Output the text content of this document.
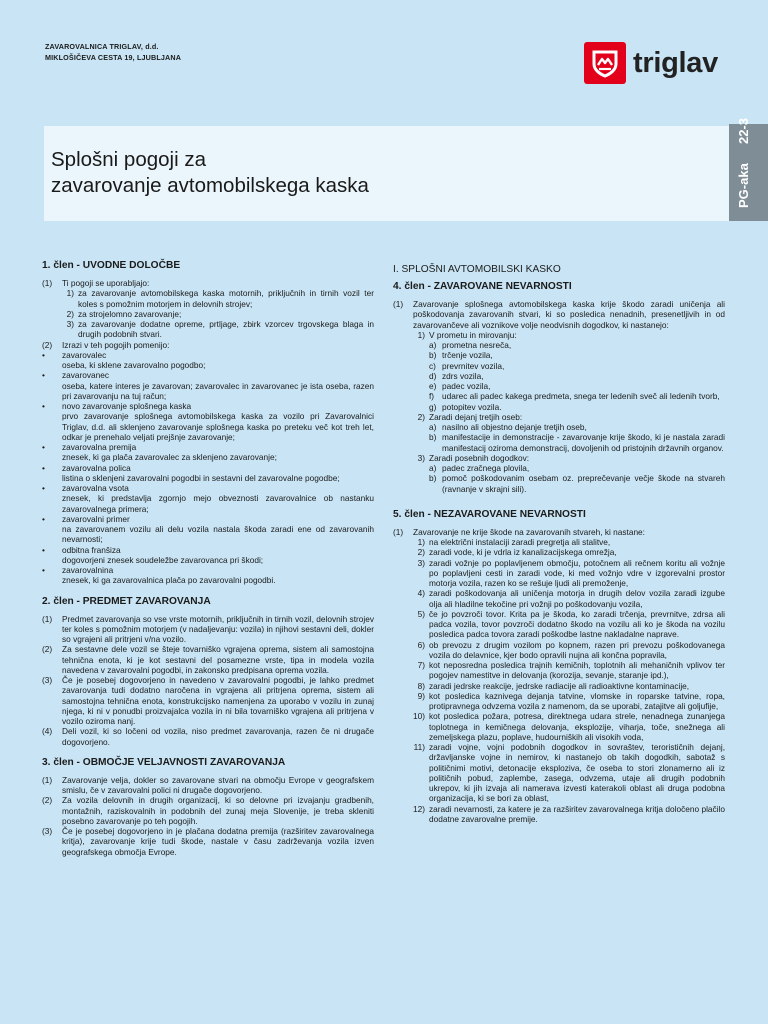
ZAVAROVALNICA TRIGLAV, d.d.
MIKLOŠIČEVA CESTA 19, LJUBLJANA	triglav
Splošni pogoji za
zavarovanje avtomobilskega kaska	PG-aka
22-3
1. člen - UVODNE DOLOČBE
(1)	Ti pogoji se uporabljajo:
1) za zavarovanje avtomobilskega kaska motornih, priključnih in tirnih vozil ter koles s pomožnim motorjem in delovnih strojev;
2) za strojelomno zavarovanje;
3) za zavarovanje dodatne opreme, prtljage, zbirk vzorcev trgovskega blaga in drugih podobnih stvari.
(2)	Izrazi v teh pogojih pomenijo:
•	zavarovalec
oseba, ki sklene zavarovalno pogodbo;
•	zavarovanec
oseba, katere interes je zavarovan; zavarovalec in zavarovanec je ista oseba, razen pri zavarovanju na tuj račun;
•	novo zavarovanje splošnega kaska
prvo zavarovanje splošnega avtomobilskega kaska za vozilo pri Zavarovalnici Triglav, d.d. ali sklenjeno zavarovanje splošnega kaska po preteku več kot treh let, odkar je prenehalo veljati prejšnje zavarovanje;
•	zavarovalna premija
znesek, ki ga plača zavarovalec za sklenjeno zavarovanje;
•	zavarovalna polica
listina o sklenjeni zavarovalni pogodbi in sestavni del zavarovalne pogodbe;
•	zavarovalna vsota
znesek, ki predstavlja zgornjo mejo obveznosti zavarovalnice ob nastanku zavarovalnega primera;
•	zavarovalni primer
na zavarovanem vozilu ali delu vozila nastala škoda zaradi ene od zavarovanih nevarnosti;
•	odbitna franšiza
dogovorjeni znesek soudeležbe zavarovanca pri škodi;
•	zavarovalnina
znesek, ki ga zavarovalnica plača po zavarovalni pogodbi.
2. člen - PREDMET ZAVAROVANJA
(1)	Predmet zavarovanja so vse vrste motornih, priključnih in tirnih vozil, delovnih strojev ter koles s pomožnim motorjem (v nadaljevanju: vozila) in njihovi sestavni deli, dokler so vgrajeni ali pritrjeni v/na vozilo.
(2)	Za sestavne dele vozil se šteje tovarniško vgrajena oprema, sistem ali samostojna tehnična enota, ki je kot sestavni del posamezne vrste, tipa in modela vozila navedena v zavarovalni pogodbi, in zakonsko predpisana oprema vozila.
(3)	Če je posebej dogovorjeno in navedeno v zavarovalni pogodbi, je lahko predmet zavarovanja tudi dodatno naročena in vgrajena ali pritrjena oprema, sistem ali samostojna tehnična enota, konstrukcijsko namenjena za uporabo v vozilu in zunaj njega, ki ni v ponudbi proizvajalca vozila in ni bila tovarniško vgrajena ali pritrjena v vozilo oziroma nanj.
(4)	Deli vozil, ki so ločeni od vozila, niso predmet zavarovanja, razen če ni drugače dogovorjeno.
3. člen - OBMOČJE VELJAVNOSTI ZAVAROVANJA
(1)	Zavarovanje velja, dokler so zavarovane stvari na območju Evrope v geografskem smislu, če v zavarovalni polici ni drugače dogovorjeno.
(2)	Za vozila delovnih in drugih organizacij, ki so delovne pri izvajanju gradbenih, montažnih, raziskovalnih in podobnih del zunaj meja Slovenije, je treba skleniti posebno zavarovanje po teh pogojih.
(3)	Če je posebej dogovorjeno in je plačana dodatna premija (razširitev zavarovalnega kritja), zavarovanje krije tudi škode, nastale v času zadrževanja vozila izven geografskega območja Evrope.
I. SPLOŠNI AVTOMOBILSKI KASKO
4. člen - ZAVAROVANE NEVARNOSTI
(1)	Zavarovanje splošnega avtomobilskega kaska krije škodo zaradi uničenja ali poškodovanja zavarovanih stvari, ki so posledica nenadnih, presenetljivih in od zavarovančeve ali voznikove volje neodvisnih dogodkov, ki nastanejo:
1) V prometu in mirovanju:
a) prometna nesreča,
b) trčenje vozila,
c) prevrnitev vozila,
d) zdrs vozila,
e) padec vozila,
f) udarec ali padec kakega predmeta, snega ter ledenih sveč ali ledenih tvorb,
g) potopitev vozila.
2) Zaradi dejanj tretjih oseb:
a) nasilno ali objestno dejanje tretjih oseb,
b) manifestacije in demonstracije - zavarovanje krije škodo, ki je nastala zaradi manifestacij oziroma demonstracij, dovoljenih od pristojnih državnih organov.
3) Zaradi posebnih dogodkov:
a) padec zračnega plovila,
b) pomoč poškodovanim osebam oz. preprečevanje večje škode na stvareh (ravnanje v skrajni sili).
5. člen - NEZAVAROVANE NEVARNOSTI
(1)	Zavarovanje ne krije škode na zavarovanih stvareh, ki nastane:
1) na električni instalaciji zaradi pregretja ali stalitve,
2) zaradi vode, ki je vdrla iz kanalizacijskega omrežja,
3) zaradi vožnje po poplavljenem območju, potočnem ali rečnem koritu ali vožnje po poplavljeni cesti in zaradi vode, ki med vožnjo vdre v izgorevalni prostor motorja vozila, razen ko se rešuje ljudi ali premoženje,
4) zaradi poškodovanja ali uničenja motorja in drugih delov vozila zaradi izgube olja ali hladilne tekočine pri vožnji po poškodovanju vozila,
5) če jo povzroči tovor. Krita pa je škoda, ko zaradi trčenja, prevrnitve, zdrsa ali padca vozila, tovor povzroči dodatno škodo na vozilu ali ko je škoda na vozilu posledica padca tovora zaradi poškodbe lastne nakladalne naprave.
6) ob prevozu z drugim vozilom po kopnem, razen pri prevozu poškodovanega vozila do delavnice, kjer bodo opravili nujna ali končna popravila,
7) kot neposredna posledica trajnih kemičnih, toplotnih ali mehaničnih vplivov ter pogojev namestitve in delovanja (korozija, sevanje, staranje ipd.),
8) zaradi jedrske reakcije, jedrske radiacije ali radioaktivne kontaminacije,
9) kot posledica kaznivega dejanja tatvine, vlomske in roparske tatvine, ropa, protipravnega odvzema vozila z namenom, da se uporabi, zatajitve ali goljufije,
10) kot posledica požara, potresa, direktnega udara strele, nenadnega zunanjega toplotnega in kemičnega delovanja, eksplozije, viharja, toče, snežnega ali zemeljskega plazu, poplave, hudourniških ali visokih voda,
11) zaradi vojne, vojni podobnih dogodkov in sovraštev, terorističnih dejanj, državljanske vojne in nemirov, ki nastanejo ob takih dogodkih, sabotaž s političnimi motivi, detonacije eksploziva, če oseba to stori zlonamerno ali iz političnih pobud, zaplembe, zasega, odvzema, utaje ali drugih podobnih ukrepov, ki jih izvaja ali namerava izvesti katerakoli oblast ali druga podobna organizacija, ki se bori za oblast,
12) zaradi nevarnosti, za katere je za razširitev zavarovalnega kritja določeno plačilo dodatne zavarovalne premije.
